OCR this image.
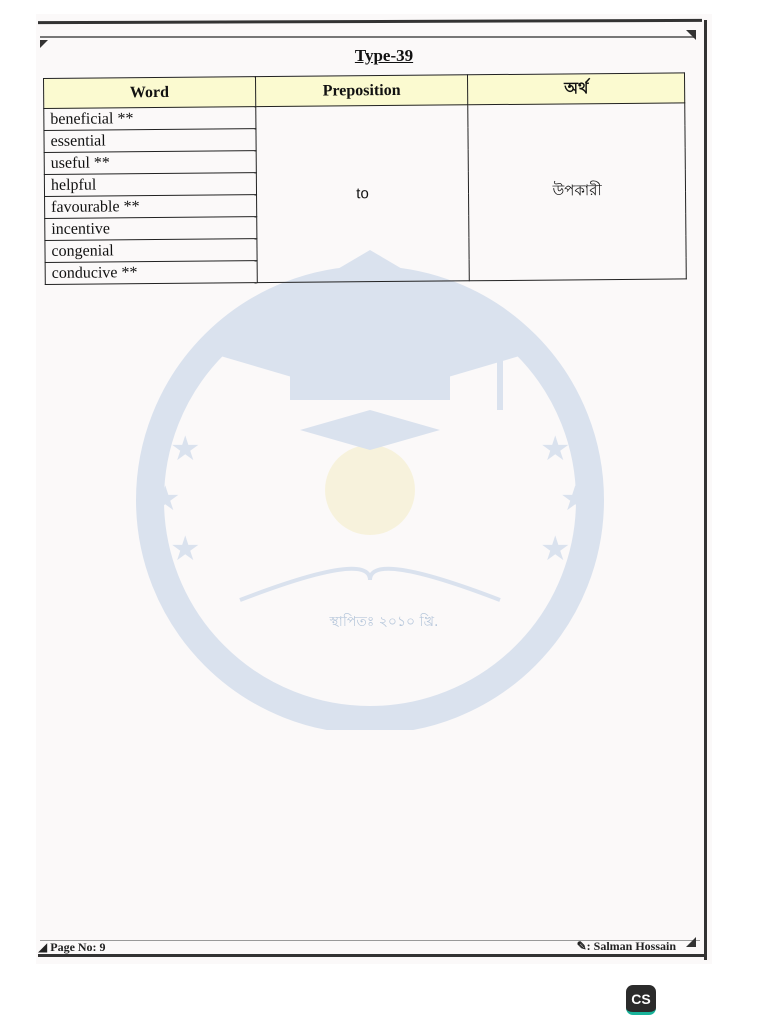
★
★
★
★
★
★
স্থাপিতঃ ২০১০ খ্রি.
Type-39
Word	Preposition	অর্থ
beneficial **	to	উপকারী
essential		
useful **		
helpful		
favourable **		
incentive		
congenial		
conducive **		
◢ Page No: 9	✎: Salman Hossain
CS
